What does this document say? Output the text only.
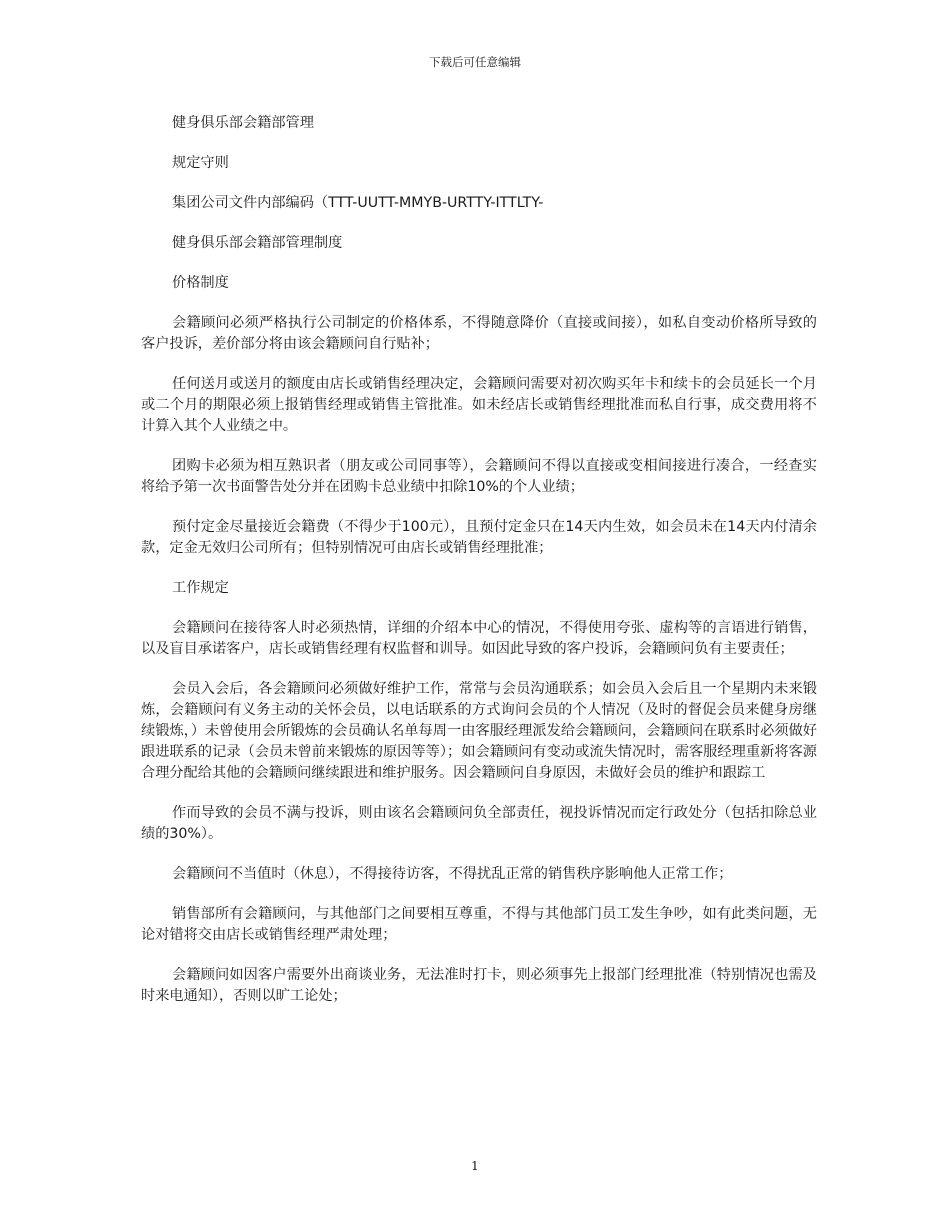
下载后可任意编辑
健身俱乐部会籍部管理
规定守则
集团公司文件内部编码（TTT-UUTT-MMYB-URTTY-ITTLTY-
健身俱乐部会籍部管理制度
价格制度

会籍顾问必须严格执行公司制定的价格体系，不得随意降价（直接或间接），如私自变动价格所导致的客户投诉，差价部分将由该会籍顾问自行贴补；

任何送月或送月的额度由店长或销售经理决定，会籍顾问需要对初次购买年卡和续卡的会员延长一个月或二个月的期限必须上报销售经理或销售主管批准。如未经店长或销售经理批准而私自行事，成交费用将不计算入其个人业绩之中。

团购卡必须为相互熟识者（朋友或公司同事等），会籍顾问不得以直接或变相间接进行凑合，一经查实将给予第一次书面警告处分并在团购卡总业绩中扣除10%的个人业绩；

预付定金尽量接近会籍费（不得少于100元），且预付定金只在14天内生效，如会员未在14天内付清余款，定金无效归公司所有；但特别情况可由店长或销售经理批准；

工作规定

会籍顾问在接待客人时必须热情，详细的介绍本中心的情况，不得使用夸张、虚构等的言语进行销售，以及盲目承诺客户，店长或销售经理有权监督和训导。如因此导致的客户投诉，会籍顾问负有主要责任；

会员入会后，各会籍顾问必须做好维护工作，常常与会员沟通联系；如会员入会后且一个星期内未来锻炼，会籍顾问有义务主动的关怀会员，以电话联系的方式询问会员的个人情况（及时的督促会员来健身房继续锻炼，）未曾使用会所锻炼的会员确认名单每周一由客服经理派发给会籍顾问，会籍顾问在联系时必须做好跟进联系的记录（会员未曾前来锻炼的原因等等）；如会籍顾问有变动或流失情况时，需客服经理重新将客源合理分配给其他的会籍顾问继续跟进和维护服务。因会籍顾问自身原因，未做好会员的维护和跟踪工

作而导致的会员不满与投诉，则由该名会籍顾问负全部责任，视投诉情况而定行政处分（包括扣除总业绩的30%）。

会籍顾问不当值时（休息），不得接待访客，不得扰乱正常的销售秩序影响他人正常工作；

销售部所有会籍顾问，与其他部门之间要相互尊重，不得与其他部门员工发生争吵，如有此类问题，无论对错将交由店长或销售经理严肃处理；

会籍顾问如因客户需要外出商谈业务，无法准时打卡，则必须事先上报部门经理批准（特别情况也需及时来电通知），否则以旷工论处；

1
